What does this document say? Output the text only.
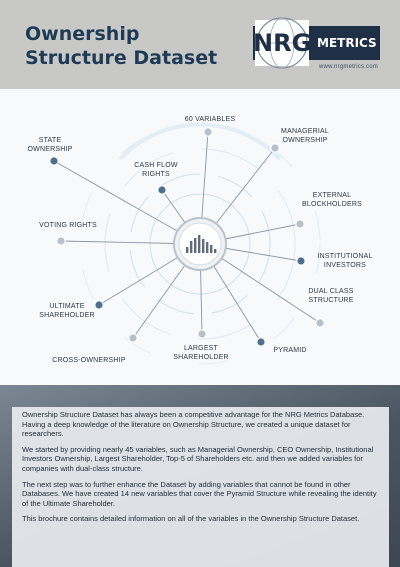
Ownership
Structure Dataset
NRG METRICS
www.nrgmetrics.com
STATE
OWNERSHIP
60 VARIABLES
MANAGERIAL
OWNERSHIP
CASH FLOW
RIGHTS
EXTERNAL
BLOCKHOLDERS
VOTING RIGHTS
INSTITUTIONAL
INVESTORS
DUAL CLASS
STRUCTURE
ULTIMATE
SHAREHOLDER
CROSS-OWNERSHIP
LARGEST
SHAREHOLDER
PYRAMID

Ownership Structure Dataset has always been a competitive advantage for the NRG Metrics Database. Having a deep knowledge of the literature on Ownership Structure, we created a unique dataset for researchers.

We started by providing nearly 45 variables, such as Managerial Ownership, CEO Ownership, Institutional Investors Ownership, Largest Shareholder, Top-5 of Shareholders etc. and then we added variables for companies with dual-class structure.

The next step was to further enhance the Dataset by adding variables that cannot be found in other Databases. We have created 14 new variables that cover the Pyramid Structure while revealing the identity of the Ultimate Shareholder.

This brochure contains detailed information on all of the variables in the Ownership Structure Dataset.
